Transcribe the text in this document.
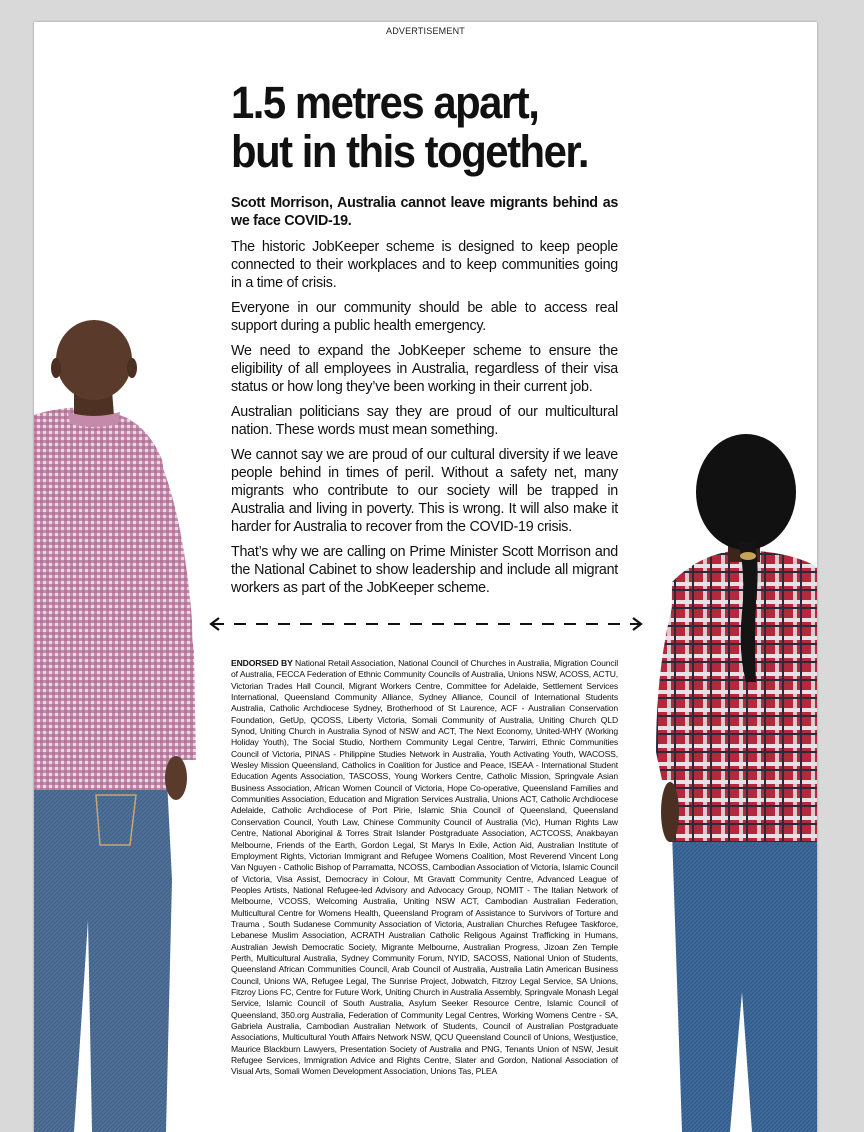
ADVERTISEMENT
1.5 metres apart,
but in this together.

Scott Morrison, Australia cannot leave migrants behind as we face COVID-19.

The historic JobKeeper scheme is designed to keep people connected to their workplaces and to keep communities going in a time of crisis.

Everyone in our community should be able to access real support during a public health emergency.

We need to expand the JobKeeper scheme to ensure the eligibility of all employees in Australia, regardless of their visa status or how long they’ve been working in their current job.

Australian politicians say they are proud of our multicultural nation. These words must mean something.

We cannot say we are proud of our cultural diversity if we leave people behind in times of peril. Without a safety net, many migrants who contribute to our society will be trapped in Australia and living in poverty. This is wrong. It will also make it harder for Australia to recover from the COVID-19 crisis.

That’s why we are calling on Prime Minister Scott Morrison and the National Cabinet to show leadership and include all migrant workers as part of the JobKeeper scheme.

ENDORSED BY National Retail Association, National Council of Churches in Australia, Migration Council of Australia, FECCA Federation of Ethnic Community Councils of Australia, Unions NSW, ACOSS, ACTU, Victorian Trades Hall Council, Migrant Workers Centre, Committee for Adelaide, Settlement Services International, Queensland Community Alliance, Sydney Alliance, Council of International Students Australia, Catholic Archdiocese Sydney, Brotherhood of St Laurence, ACF - Australian Conservation Foundation, GetUp, QCOSS, Liberty Victoria, Somali Community of Australia, Uniting Church QLD Synod, Uniting Church in Australia Synod of NSW and ACT, The Next Economy, United-WHY (Working Holiday Youth), The Social Studio, Northern Community Legal Centre, Tarwirri, Ethnic Communities Council of Victoria, PINAS - Philippine Studies Network in Australia, Youth Activating Youth, WACOSS, Wesley Mission Queensland, Catholics in Coalition for Justice and Peace, ISEAA - International Student Education Agents Association, TASCOSS, Young Workers Centre, Catholic Mission, Springvale Asian Business Association, African Women Council of Victoria, Hope Co-operative, Queensland Families and Communities Association, Education and Migration Services Australia, Unions ACT, Catholic Archdiocese Adelaide, Catholic Archdiocese of Port Pirie, Islamic Shia Council of Queensland, Queensland Conservation Council, Youth Law, Chinese Community Council of Australia (Vic), Human Rights Law Centre, National Aboriginal & Torres Strait Islander Postgraduate Association, ACTCOSS, Anakbayan Melbourne, Friends of the Earth, Gordon Legal, St Marys In Exile, Action Aid, Australian Institute of Employment Rights, Victorian Immigrant and Refugee Womens Coalition, Most Reverend Vincent Long Van Nguyen - Catholic Bishop of Parramatta, NCOSS, Cambodian Association of Victoria, Islamic Council of Victoria, Visa Assist, Democracy in Colour, Mt Gravatt Community Centre, Advanced League of Peoples Artists, National Refugee-led Advisory and Advocacy Group, NOMIT - The Italian Network of Melbourne, VCOSS, Welcoming Australia, Uniting NSW ACT, Cambodian Australian Federation, Multicultural Centre for Womens Health, Queensland Program of Assistance to Survivors of Torture and Trauma , South Sudanese Community Association of Victoria, Australian Churches Refugee Taskforce, Lebanese Muslim Association, ACRATH Australian Catholic Religous Against Trafficking in Humans, Australian Jewish Democratic Society, Migrante Melbourne, Australian Progress, Jizoan Zen Temple Perth, Multicultural Australia, Sydney Community Forum, NYID, SACOSS, National Union of Students, Queensland African Communities Council, Arab Council of Australia, Australia Latin American Business Council, Unions WA, Refugee Legal, The Sunrise Project, Jobwatch, Fitzroy Legal Service, SA Unions, Fitzroy Lions FC, Centre for Future Work, Uniting Church in Australia Assembly, Springvale Monash Legal Service, Islamic Council of South Australia, Asylum Seeker Resource Centre, Islamic Council of Queensland, 350.org Australia, Federation of Community Legal Centres, Working Womens Centre - SA, Gabriela Australia, Cambodian Australian Network of Students, Council of Australian Postgraduate Associations, Multicultural Youth Affairs Network NSW, QCU Queensland Council of Unions, Westjustice, Maurice Blackburn Lawyers, Presentation Society of Australia and PNG, Tenants Union of NSW, Jesuit Refugee Services, Immigration Advice and Rights Centre, Slater and Gordon, National Association of Visual Arts, Somali Women Development Association, Unions Tas, PLEA
